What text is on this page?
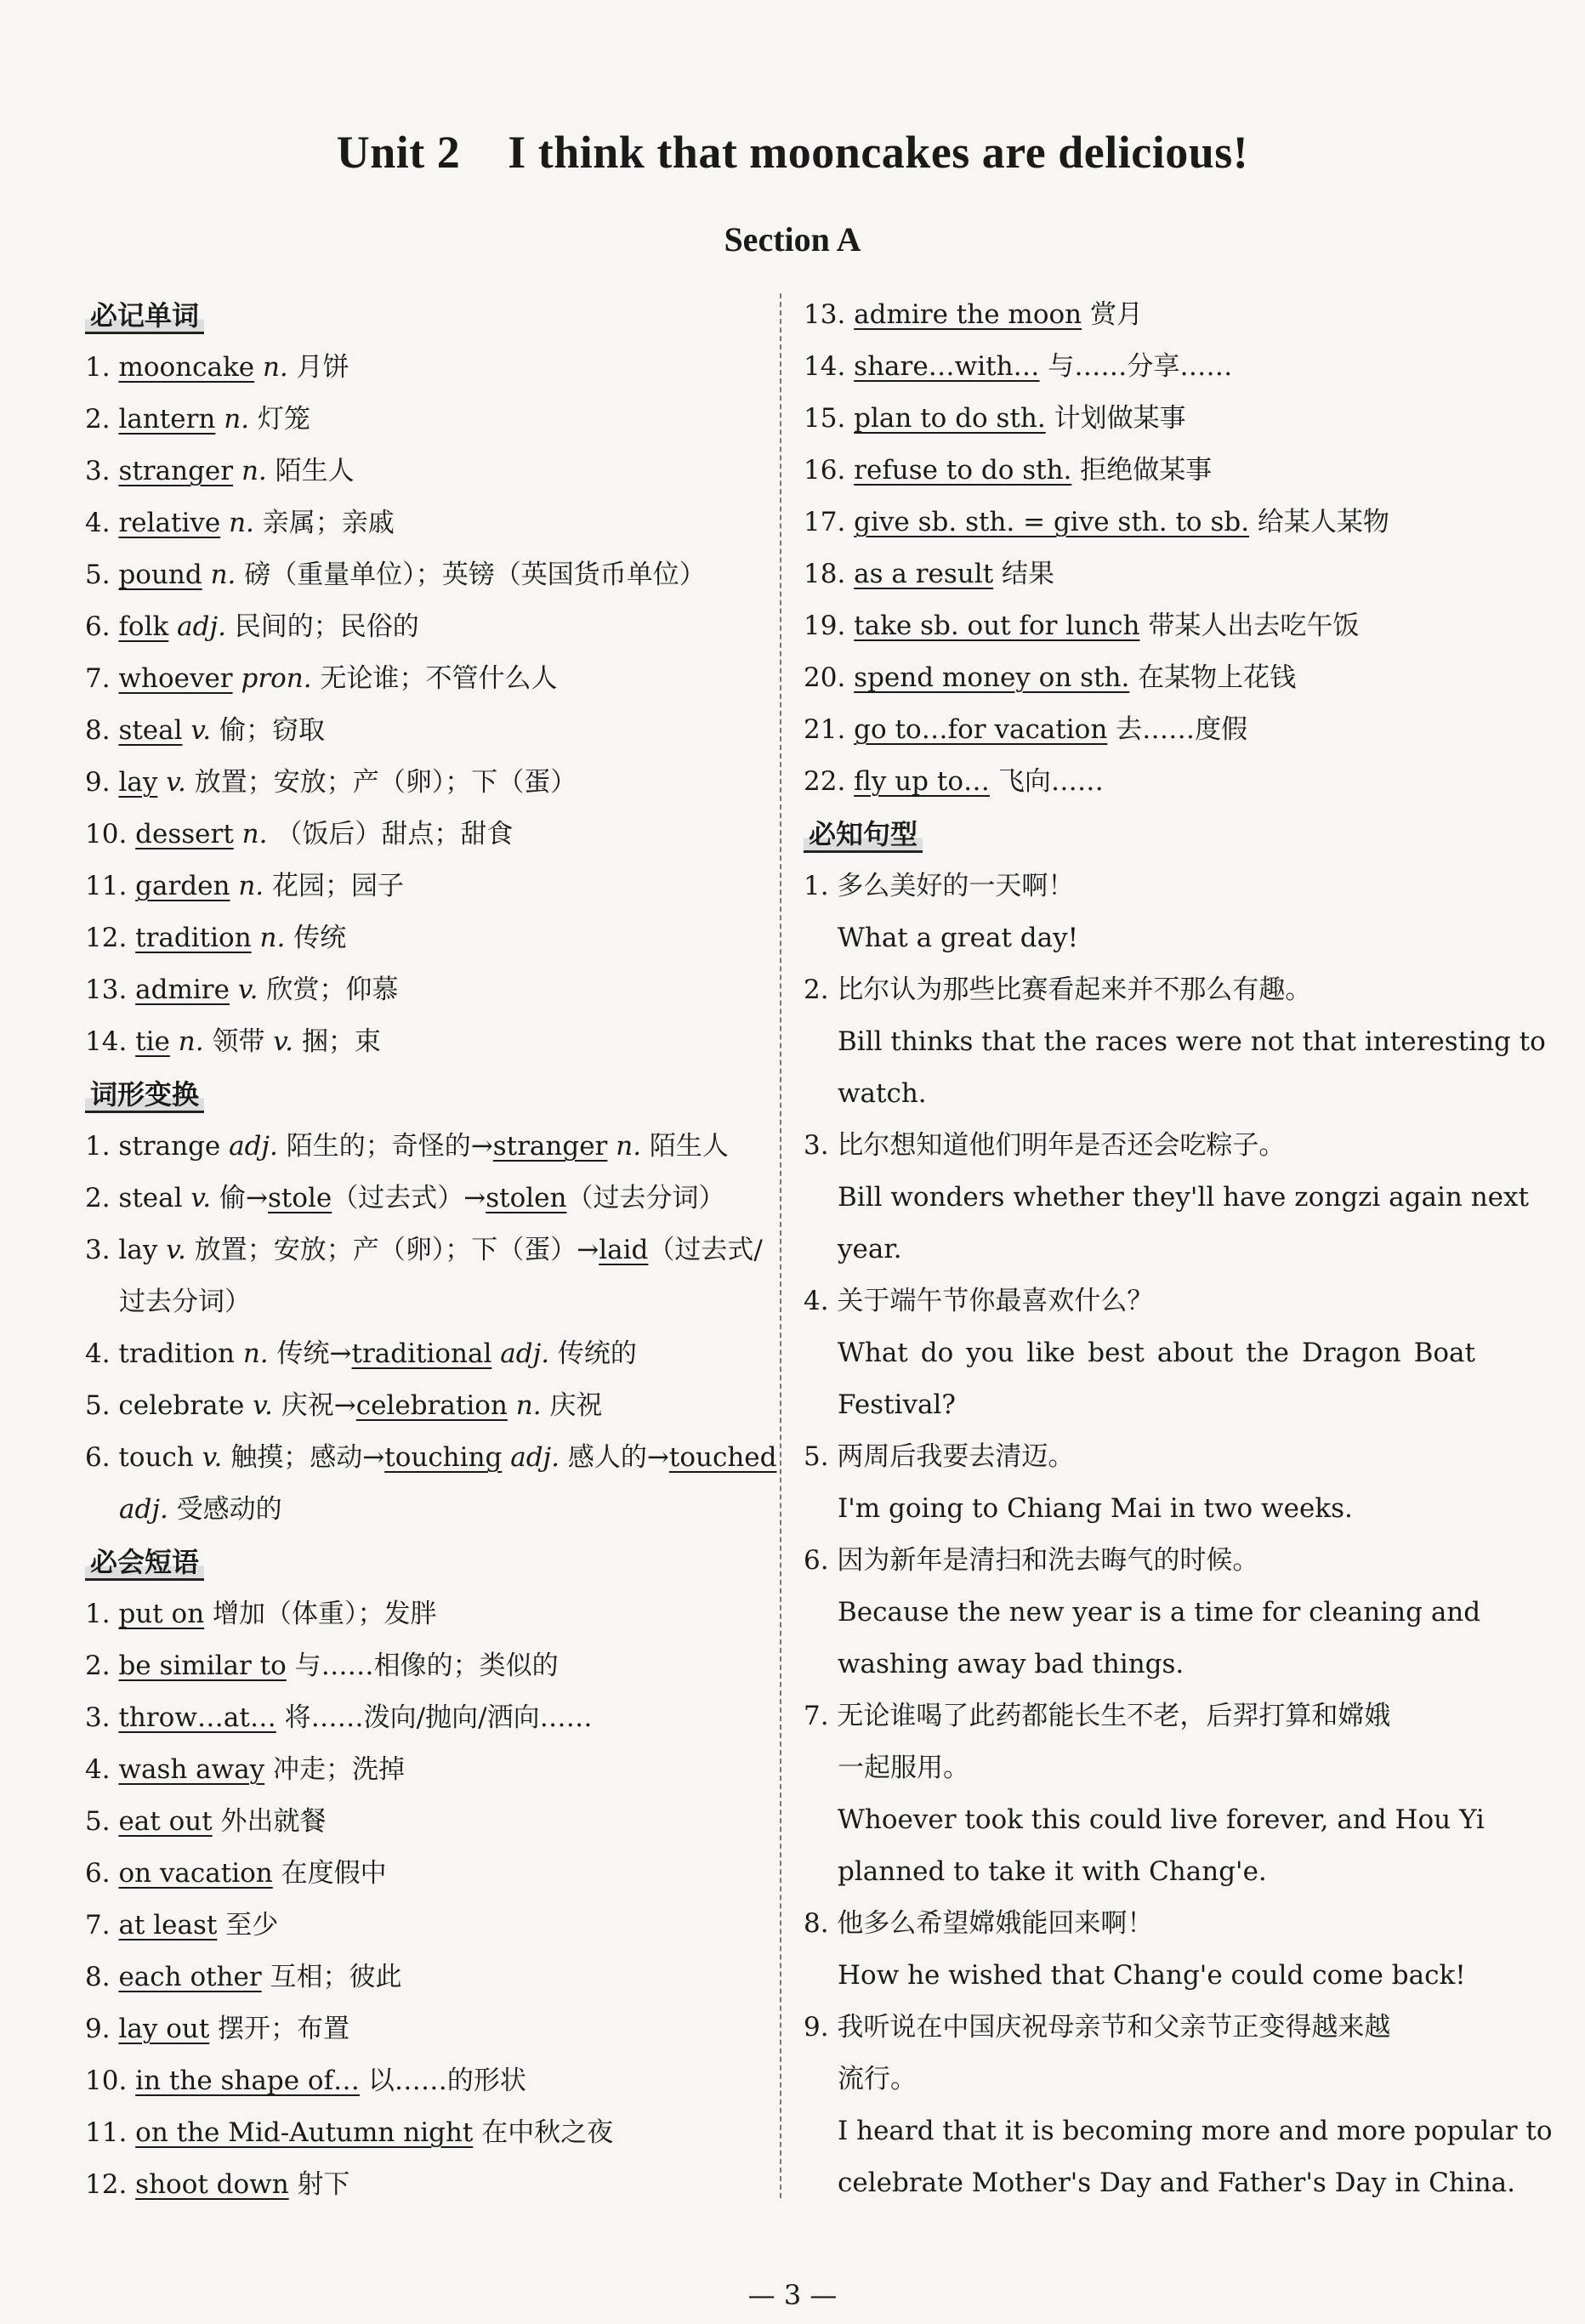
Unit 2    I think that mooncakes are delicious!
Section A
必记单词
1. mooncake n. 月饼
2. lantern n. 灯笼
3. stranger n. 陌生人
4. relative n. 亲属；亲戚
5. pound n. 磅（重量单位）；英镑（英国货币单位）
6. folk adj. 民间的；民俗的
7. whoever pron. 无论谁；不管什么人
8. steal v. 偷；窃取
9. lay v. 放置；安放；产（卵）；下（蛋）
10. dessert n. （饭后）甜点；甜食
11. garden n. 花园；园子
12. tradition n. 传统
13. admire v. 欣赏；仰慕
14. tie n. 领带 v. 捆；束
词形变换
1. strange adj. 陌生的；奇怪的→stranger n. 陌生人
2. steal v. 偷→stole（过去式）→stolen（过去分词）
3. lay v. 放置；安放；产（卵）；下（蛋）→laid（过去式/
过去分词）
4. tradition n. 传统→traditional adj. 传统的
5. celebrate v. 庆祝→celebration n. 庆祝
6. touch v. 触摸；感动→touching adj. 感人的→touched
adj. 受感动的
必会短语
1. put on 增加（体重）；发胖
2. be similar to 与……相像的；类似的
3. throw…at… 将……泼向/抛向/洒向……
4. wash away 冲走；洗掉
5. eat out 外出就餐
6. on vacation 在度假中
7. at least 至少
8. each other 互相；彼此
9. lay out 摆开；布置
10. in the shape of… 以……的形状
11. on the Mid-Autumn night 在中秋之夜
12. shoot down 射下
13. admire the moon 赏月
14. share…with… 与……分享……
15. plan to do sth. 计划做某事
16. refuse to do sth. 拒绝做某事
17. give sb. sth. = give sth. to sb. 给某人某物
18. as a result 结果
19. take sb. out for lunch 带某人出去吃午饭
20. spend money on sth. 在某物上花钱
21. go to…for vacation 去……度假
22. fly up to… 飞向……
必知句型
1. 多么美好的一天啊！
What a great day!
2. 比尔认为那些比赛看起来并不那么有趣。
Bill thinks that the races were not that interesting to
watch.
3. 比尔想知道他们明年是否还会吃粽子。
Bill wonders whether they'll have zongzi again next
year.
4. 关于端午节你最喜欢什么？
What do you like best about the Dragon Boat
Festival?
5. 两周后我要去清迈。
I'm going to Chiang Mai in two weeks.
6. 因为新年是清扫和洗去晦气的时候。
Because the new year is a time for cleaning and
washing away bad things.
7. 无论谁喝了此药都能长生不老，后羿打算和嫦娥
一起服用。
Whoever took this could live forever, and Hou Yi
planned to take it with Chang'e.
8. 他多么希望嫦娥能回来啊！
How he wished that Chang'e could come back!
9. 我听说在中国庆祝母亲节和父亲节正变得越来越
流行。
I heard that it is becoming more and more popular to
celebrate Mother's Day and Father's Day in China.
— 3 —
